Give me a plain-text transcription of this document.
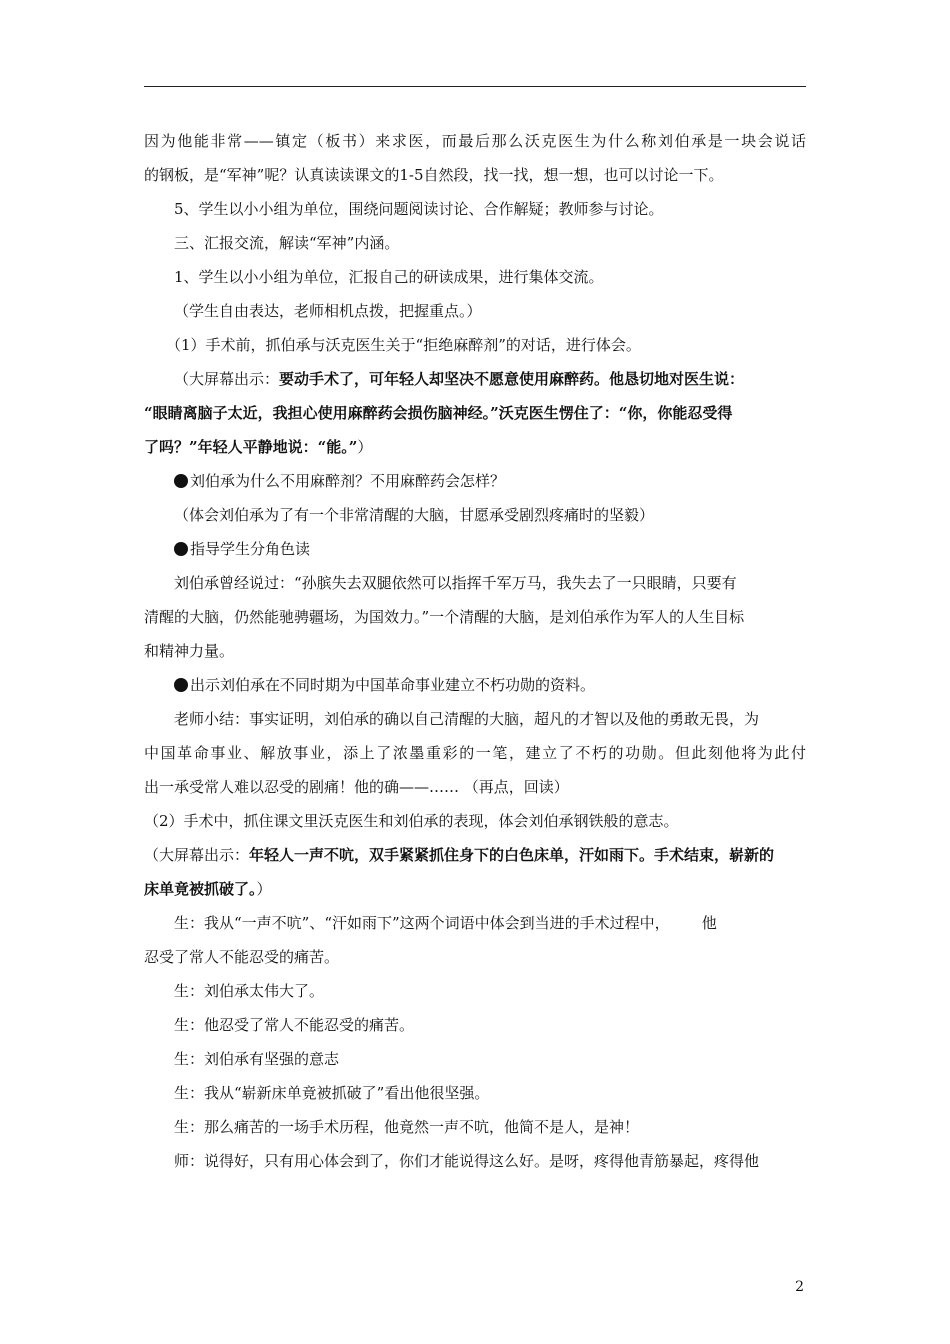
因为他能非常——镇定（板书）来求医，而最后那么沃克医生为什么称刘伯承是一块会说话
的钢板，是“军神”呢？认真读读课文的1-5自然段，找一找，想一想，也可以讨论一下。
5、学生以小小组为单位，围绕问题阅读讨论、合作解疑；教师参与讨论。
三、汇报交流，解读“军神”内涵。
1、学生以小小组为单位，汇报自己的研读成果，进行集体交流。
（学生自由表达，老师相机点拨，把握重点。）
（1）手术前，抓伯承与沃克医生关于“拒绝麻醉剂”的对话，进行体会。
（大屏幕出示：要动手术了，可年轻人却坚决不愿意使用麻醉药。他恳切地对医生说：
“眼睛离脑子太近，我担心使用麻醉药会损伤脑神经。”沃克医生愣住了：“你，你能忍受得
了吗？”年轻人平静地说：“能。”）
刘伯承为什么不用麻醉剂？不用麻醉药会怎样？
（体会刘伯承为了有一个非常清醒的大脑，甘愿承受剧烈疼痛时的坚毅）
指导学生分角色读
刘伯承曾经说过：“孙膑失去双腿依然可以指挥千军万马，我失去了一只眼睛，只要有
清醒的大脑，仍然能驰骋疆场，为国效力。”一个清醒的大脑，是刘伯承作为军人的人生目标
和精神力量。
出示刘伯承在不同时期为中国革命事业建立不朽功勋的资料。
老师小结：事实证明，刘伯承的确以自己清醒的大脑，超凡的才智以及他的勇敢无畏，为
中国革命事业、解放事业，添上了浓墨重彩的一笔，建立了不朽的功勋。但此刻他将为此付
出一承受常人难以忍受的剧痛！他的确——…… （再点，回读）
（2）手术中，抓住课文里沃克医生和刘伯承的表现，体会刘伯承钢铁般的意志。
（大屏幕出示：年轻人一声不吭，双手紧紧抓住身下的白色床单，汗如雨下。手术结束，崭新的
床单竟被抓破了。）
生：我从“一声不吭”、“汗如雨下”这两个词语中体会到当进的手术过程中， 他
忍受了常人不能忍受的痛苦。
生：刘伯承太伟大了。
生：他忍受了常人不能忍受的痛苦。
生：刘伯承有坚强的意志
生：我从“崭新床单竟被抓破了”看出他很坚强。
生：那么痛苦的一场手术历程，他竟然一声不吭，他简不是人，是神！
师：说得好，只有用心体会到了，你们才能说得这么好。是呀，疼得他青筋暴起，疼得他
2
